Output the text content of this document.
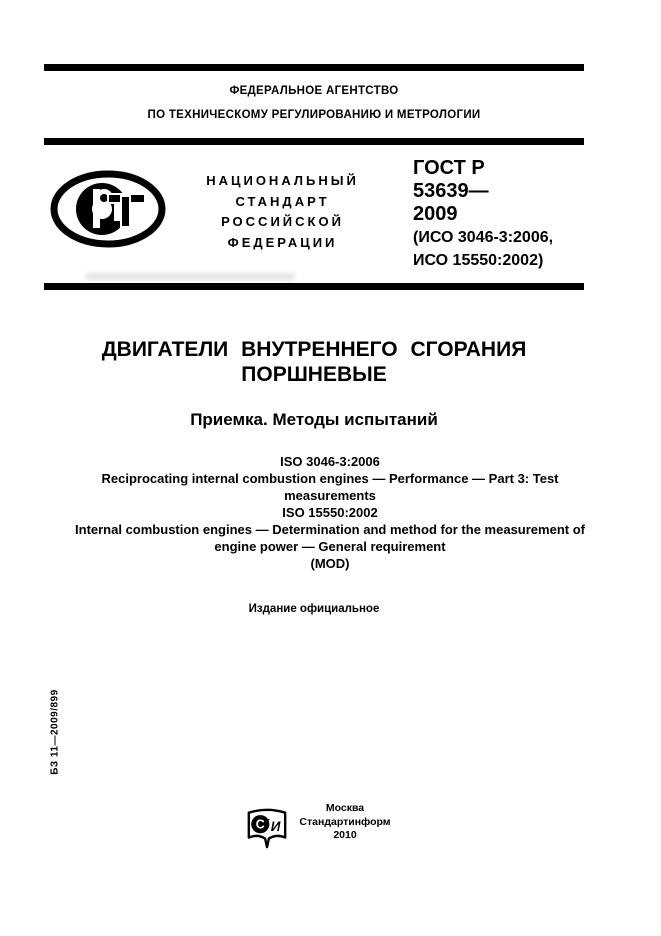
ФЕДЕРАЛЬНОЕ АГЕНТСТВО
ПО ТЕХНИЧЕСКОМУ РЕГУЛИРОВАНИЮ И МЕТРОЛОГИИ
НАЦИОНАЛЬНЫЙ
СТАНДАРТ
РОССИЙСКОЙ
ФЕДЕРАЦИИ
ГОСТ Р
53639—
2009
(ИСО 3046-3:2006,
ИСО 15550:2002)
ДВИГАТЕЛИ ВНУТРЕННЕГО СГОРАНИЯ
ПОРШНЕВЫЕ
Приемка. Методы испытаний
ISO 3046-3:2006
Reciprocating internal combustion engines — Performance — Part 3: Test
measurements
ISO 15550:2002
Internal combustion engines — Determination and method for the measurement of
engine power — General requirement
(MOD)
Издание официальное
БЗ 11—2009/899
С т И
Москва
Стандартинформ
2010
